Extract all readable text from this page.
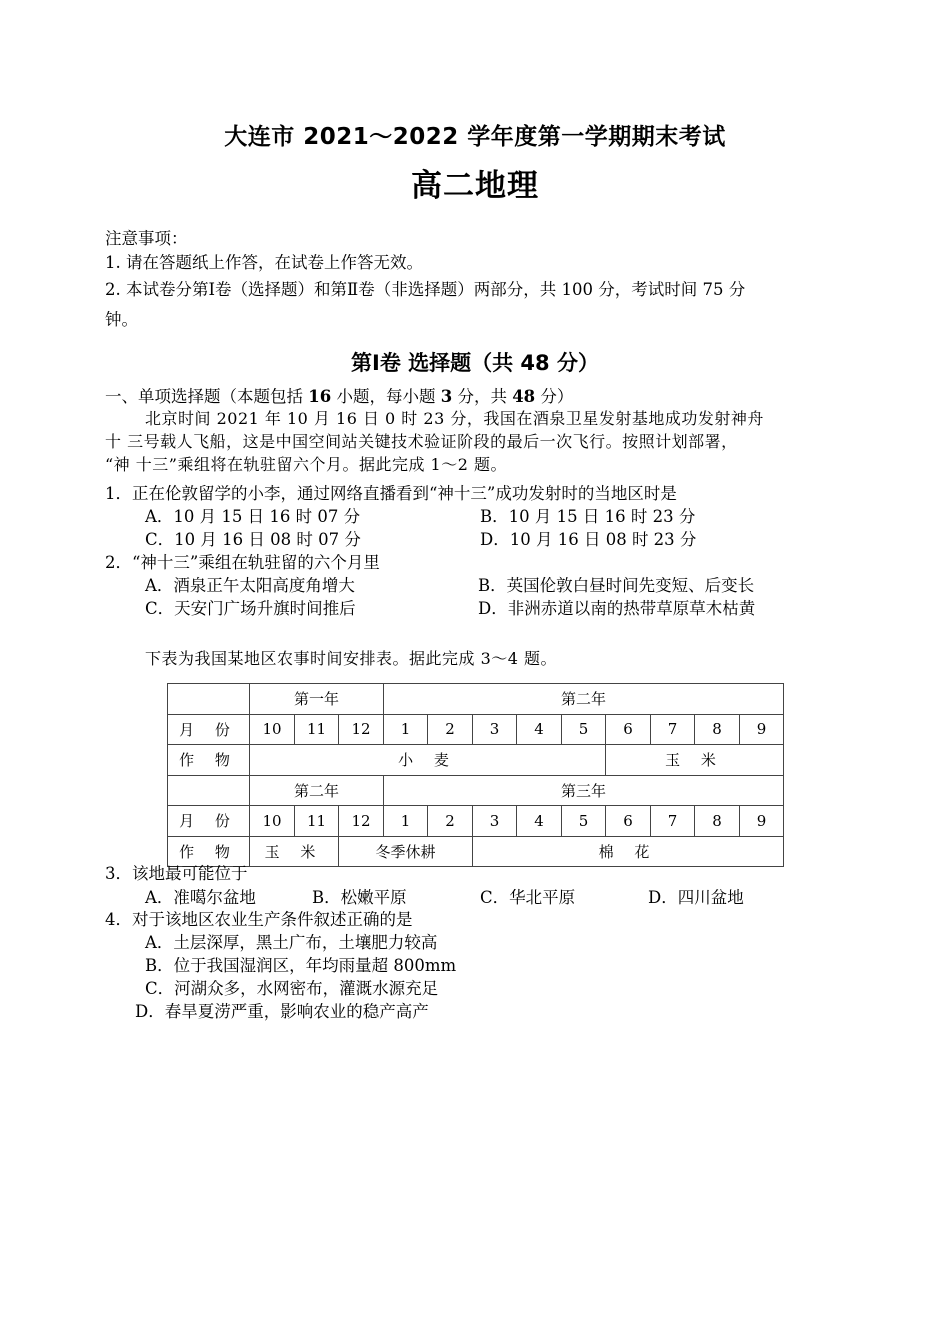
大连市 2021～2022 学年度第一学期期末考试
高二地理
注意事项：
1. 请在答题纸上作答，在试卷上作答无效。
2. 本试卷分第Ⅰ卷（选择题）和第Ⅱ卷（非选择题）两部分，共 100 分，考试时间 75 分
钟。
第Ⅰ卷 选择题（共 48 分）
一、单项选择题（本题包括 16 小题，每小题 3 分，共 48 分）
北京时间 2021 年 10 月 16 日 0 时 23 分，我国在酒泉卫星发射基地成功发射神舟
十 三号载人飞船，这是中国空间站关键技术验证阶段的最后一次飞行。按照计划部署，
“神 十三”乘组将在轨驻留六个月。据此完成 1～2 题。
1．正在伦敦留学的小李，通过网络直播看到“神十三”成功发射时的当地区时是
A．10 月 15 日 16 时 07 分	B．10 月 15 日 16 时 23 分
C．10 月 16 日 08 时 07 分	D．10 月 16 日 08 时 23 分
2．“神十三”乘组在轨驻留的六个月里
A．酒泉正午太阳高度角增大	B．英国伦敦白昼时间先变短、后变长
C．天安门广场升旗时间推后	D．非洲赤道以南的热带草原草木枯黄
下表为我国某地区农事时间安排表。据此完成 3～4 题。
	第一年			第二年								
月 份	10	11	12	1	2	3	4	5	6	7	8	9
作 物	小 麦								玉 米			
	第二年			第三年								
月 份	10	11	12	1	2	3	4	5	6	7	8	9
作 物	玉 米		冬季休耕			棉 花						
3．该地最可能位于
A．准噶尔盆地	B．松嫩平原	C．华北平原	D．四川盆地
4．对于该地区农业生产条件叙述正确的是
A．土层深厚，黑土广布，土壤肥力较高
B．位于我国湿润区，年均雨量超 800mm
C．河湖众多，水网密布，灌溉水源充足
D．春旱夏涝严重，影响农业的稳产高产
